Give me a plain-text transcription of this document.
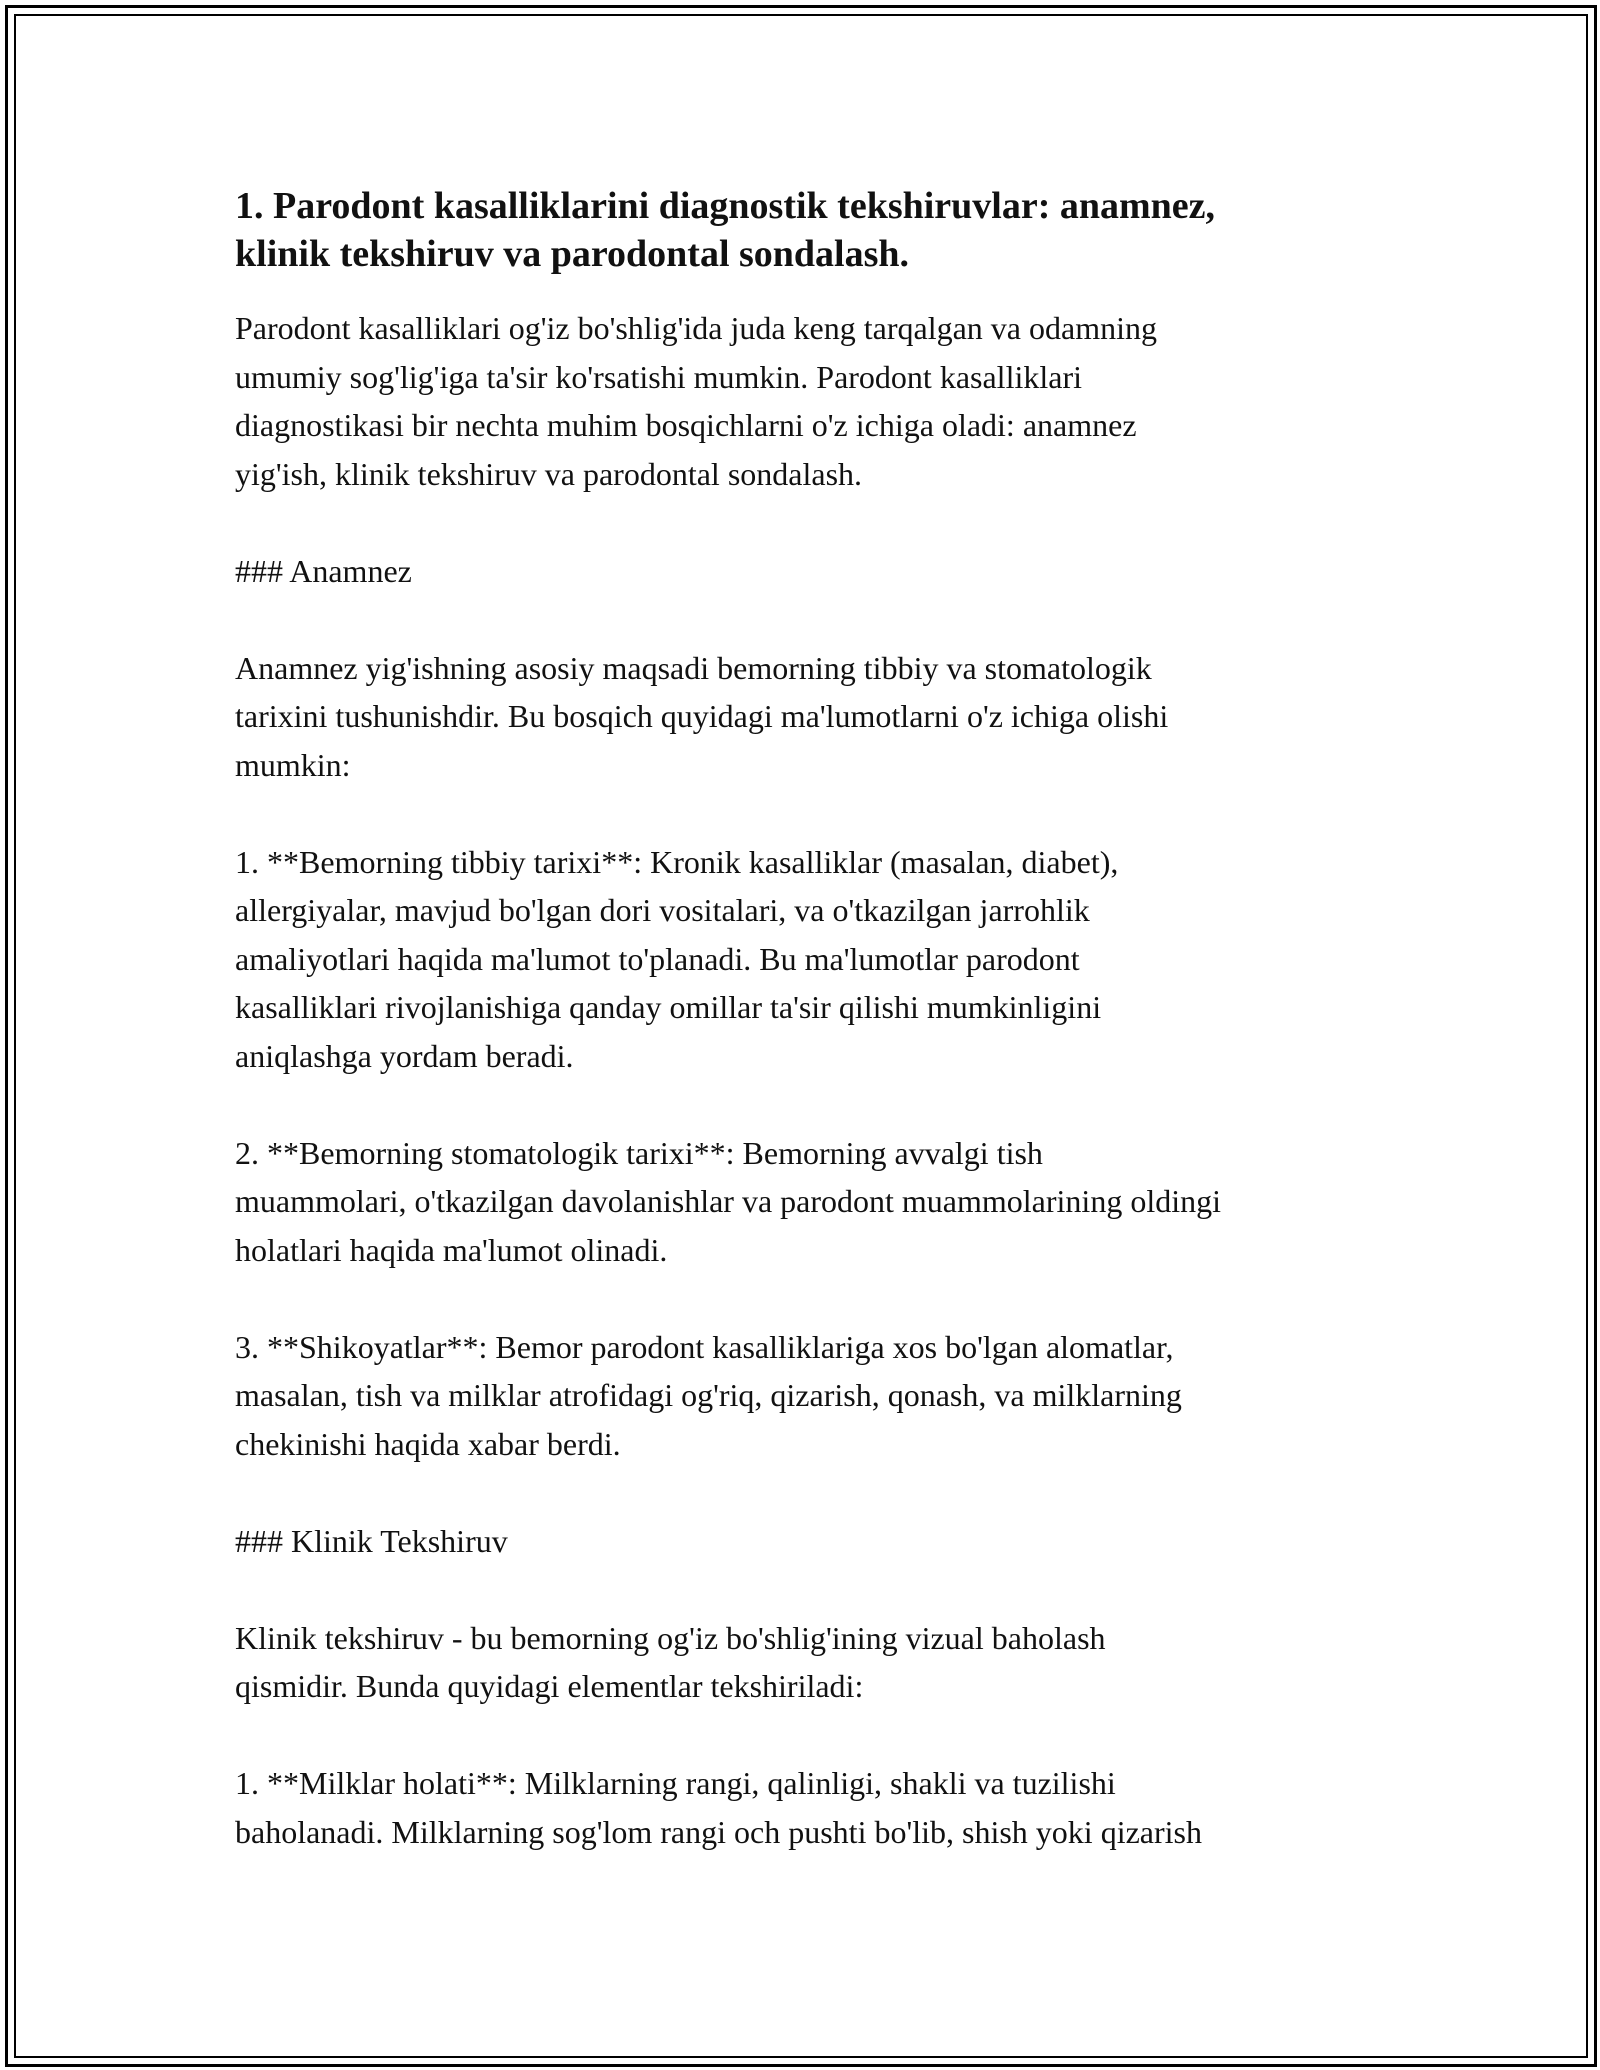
1. Parodont kasalliklarini diagnostik tekshiruvlar: anamnez,
klinik tekshiruv va parodontal sondalash.

Parodont kasalliklari og'iz bo'shlig'ida juda keng tarqalgan va odamning
umumiy sog'lig'iga ta'sir ko'rsatishi mumkin. Parodont kasalliklari
diagnostikasi bir nechta muhim bosqichlarni o'z ichiga oladi: anamnez
yig'ish, klinik tekshiruv va parodontal sondalash.

### Anamnez

Anamnez yig'ishning asosiy maqsadi bemorning tibbiy va stomatologik
tarixini tushunishdir. Bu bosqich quyidagi ma'lumotlarni o'z ichiga olishi
mumkin:

1. **Bemorning tibbiy tarixi**: Kronik kasalliklar (masalan, diabet),
allergiyalar, mavjud bo'lgan dori vositalari, va o'tkazilgan jarrohlik
amaliyotlari haqida ma'lumot to'planadi. Bu ma'lumotlar parodont
kasalliklari rivojlanishiga qanday omillar ta'sir qilishi mumkinligini
aniqlashga yordam beradi.

2. **Bemorning stomatologik tarixi**: Bemorning avvalgi tish
muammolari, o'tkazilgan davolanishlar va parodont muammolarining oldingi
holatlari haqida ma'lumot olinadi.

3. **Shikoyatlar**: Bemor parodont kasalliklariga xos bo'lgan alomatlar,
masalan, tish va milklar atrofidagi og'riq, qizarish, qonash, va milklarning
chekinishi haqida xabar berdi.

### Klinik Tekshiruv

Klinik tekshiruv - bu bemorning og'iz bo'shlig'ining vizual baholash
qismidir. Bunda quyidagi elementlar tekshiriladi:

1. **Milklar holati**: Milklarning rangi, qalinligi, shakli va tuzilishi
baholanadi. Milklarning sog'lom rangi och pushti bo'lib, shish yoki qizarish
